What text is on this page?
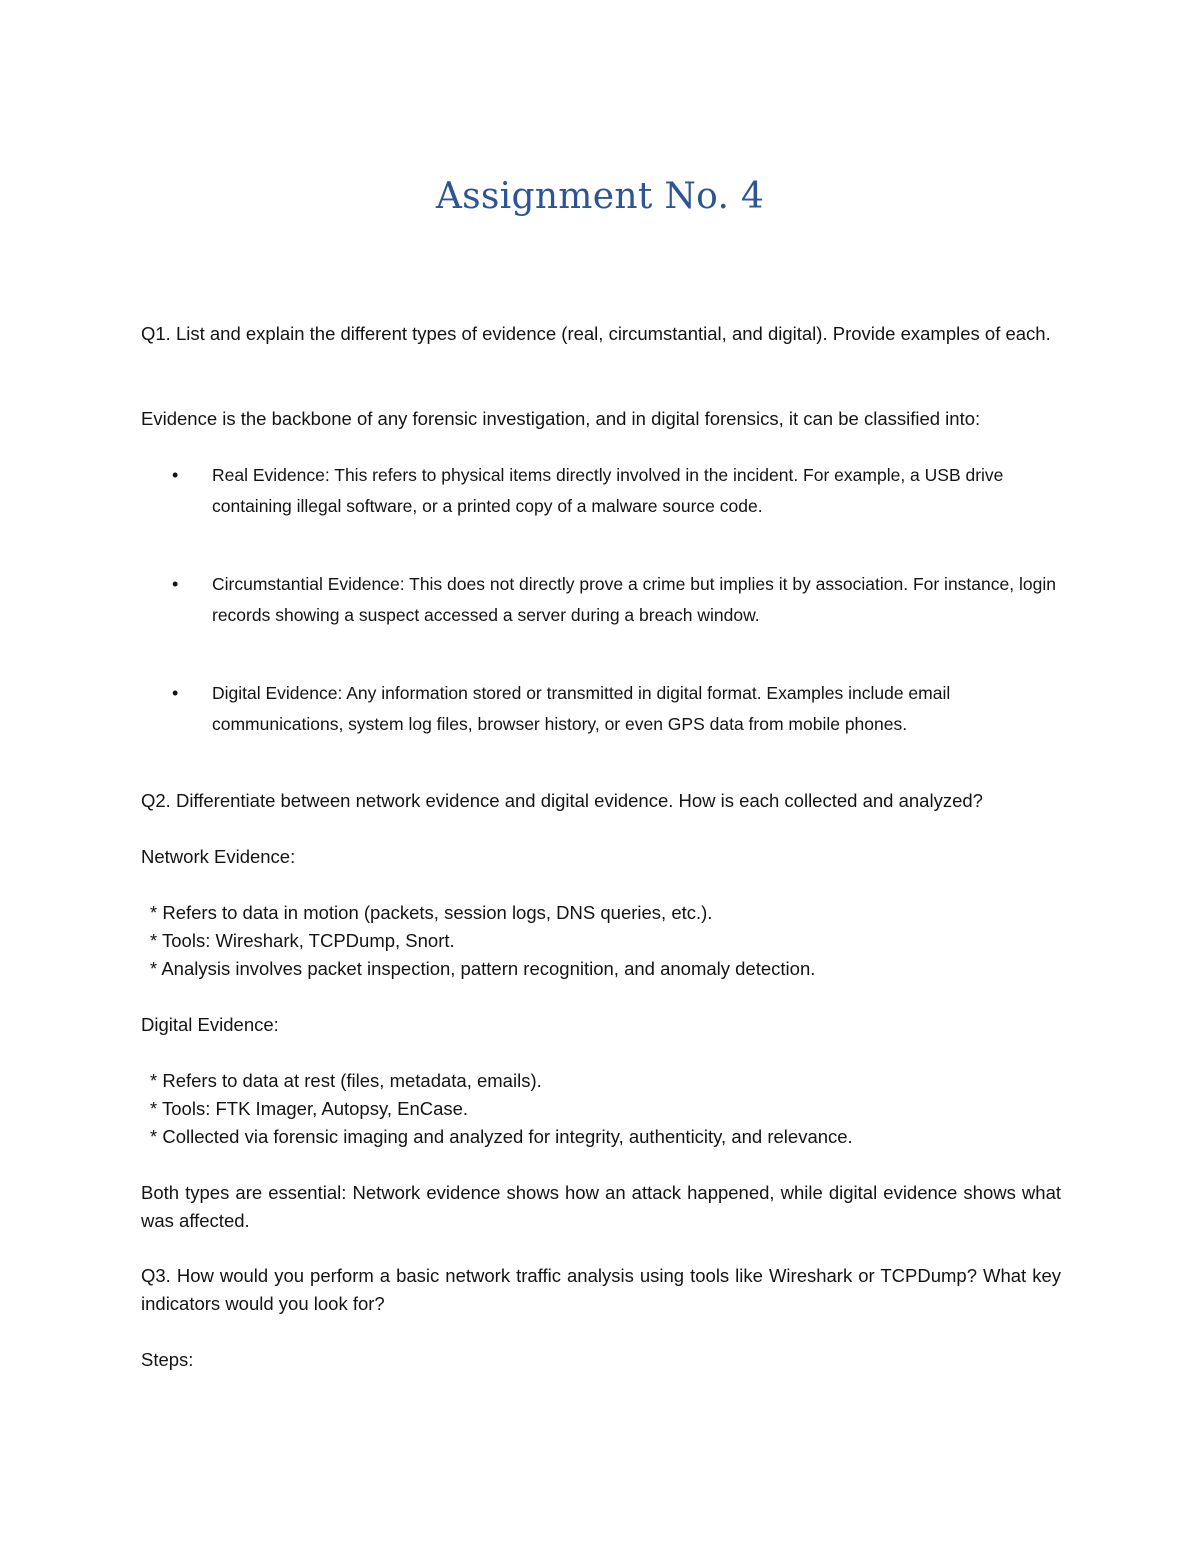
Assignment No. 4
Q1. List and explain the different types of evidence (real, circumstantial, and digital). Provide examples of each.
Evidence is the backbone of any forensic investigation, and in digital forensics, it can be classified into:
•	Real Evidence: This refers to physical items directly involved in the incident. For example, a USB drive containing illegal software, or a printed copy of a malware source code.
•	Circumstantial Evidence: This does not directly prove a crime but implies it by association. For instance, login records showing a suspect accessed a server during a breach window.
•	Digital Evidence: Any information stored or transmitted in digital format. Examples include email communications, system log files, browser history, or even GPS data from mobile phones.
Q2. Differentiate between network evidence and digital evidence. How is each collected and analyzed?
Network Evidence:
* Refers to data in motion (packets, session logs, DNS queries, etc.).
* Tools: Wireshark, TCPDump, Snort.
* Analysis involves packet inspection, pattern recognition, and anomaly detection.
Digital Evidence:
* Refers to data at rest (files, metadata, emails).
* Tools: FTK Imager, Autopsy, EnCase.
* Collected via forensic imaging and analyzed for integrity, authenticity, and relevance.
Both types are essential: Network evidence shows how an attack happened, while digital evidence shows what was affected.
Q3. How would you perform a basic network traffic analysis using tools like Wireshark or TCPDump? What key indicators would you look for?
Steps:
